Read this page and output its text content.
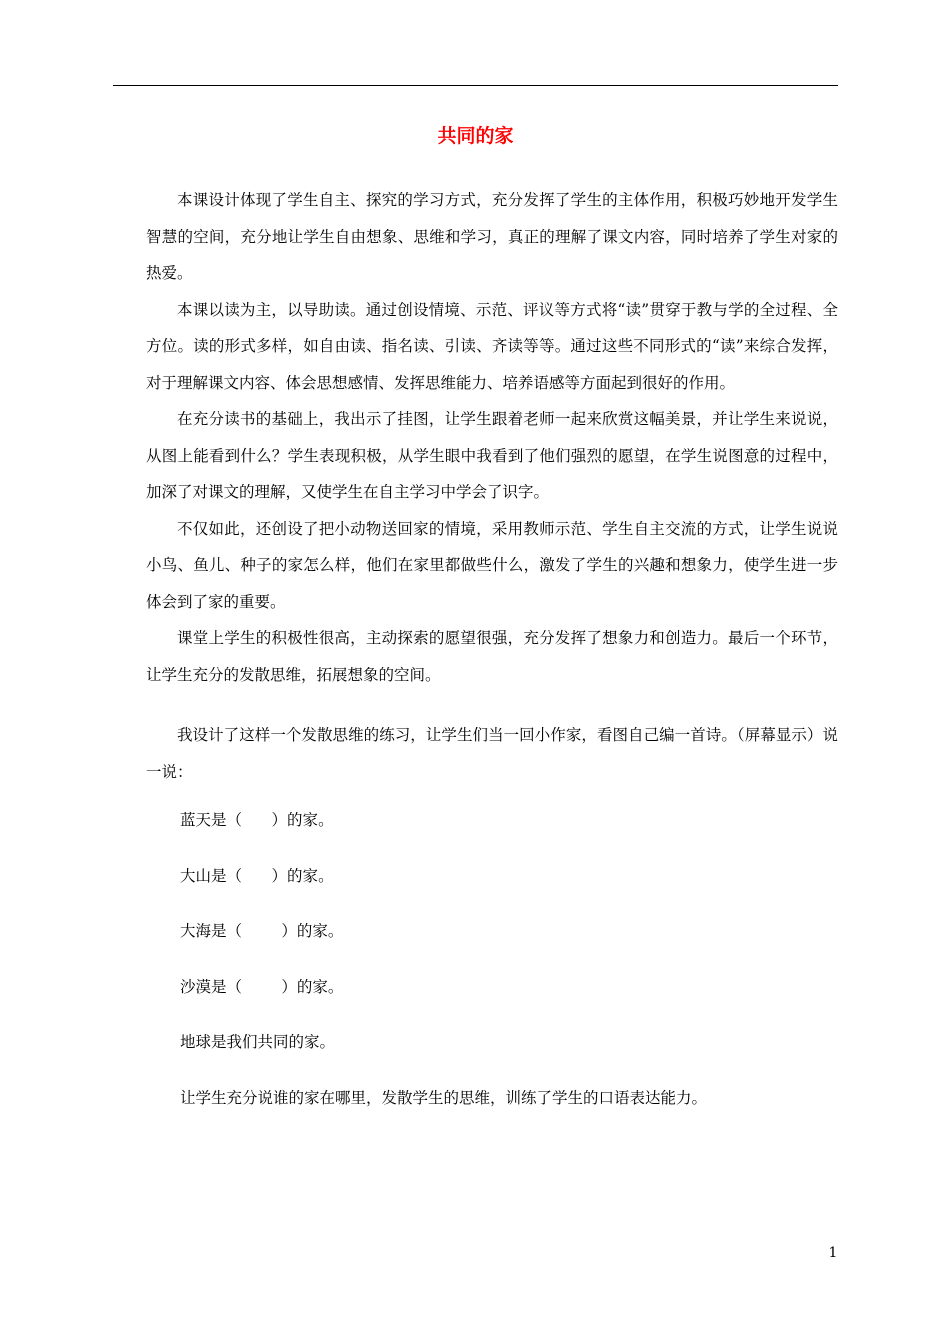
共同的家

本课设计体现了学生自主、探究的学习方式，充分发挥了学生的主体作用，积极巧妙地开发学生智慧的空间，充分地让学生自由想象、思维和学习，真正的理解了课文内容，同时培养了学生对家的热爱。

本课以读为主，以导助读。通过创设情境、示范、评议等方式将“读”贯穿于教与学的全过程、全方位。读的形式多样，如自由读、指名读、引读、齐读等等。通过这些不同形式的“读”来综合发挥，对于理解课文内容、体会思想感情、发挥思维能力、培养语感等方面起到很好的作用。

在充分读书的基础上，我出示了挂图，让学生跟着老师一起来欣赏这幅美景，并让学生来说说，从图上能看到什么？学生表现积极，从学生眼中我看到了他们强烈的愿望，在学生说图意的过程中，加深了对课文的理解，又使学生在自主学习中学会了识字。

不仅如此，还创设了把小动物送回家的情境，采用教师示范、学生自主交流的方式，让学生说说小鸟、鱼儿、种子的家怎么样，他们在家里都做些什么，激发了学生的兴趣和想象力，使学生进一步体会到了家的重要。

课堂上学生的积极性很高，主动探索的愿望很强，充分发挥了想象力和创造力。最后一个环节，让学生充分的发散思维，拓展想象的空间。

我设计了这样一个发散思维的练习，让学生们当一回小作家，看图自己编一首诗。（屏幕显示）说一说：

蓝天是（      ）的家。

大山是（      ）的家。

大海是（        ）的家。

沙漠是（        ）的家。

地球是我们共同的家。

让学生充分说谁的家在哪里，发散学生的思维，训练了学生的口语表达能力。

1
